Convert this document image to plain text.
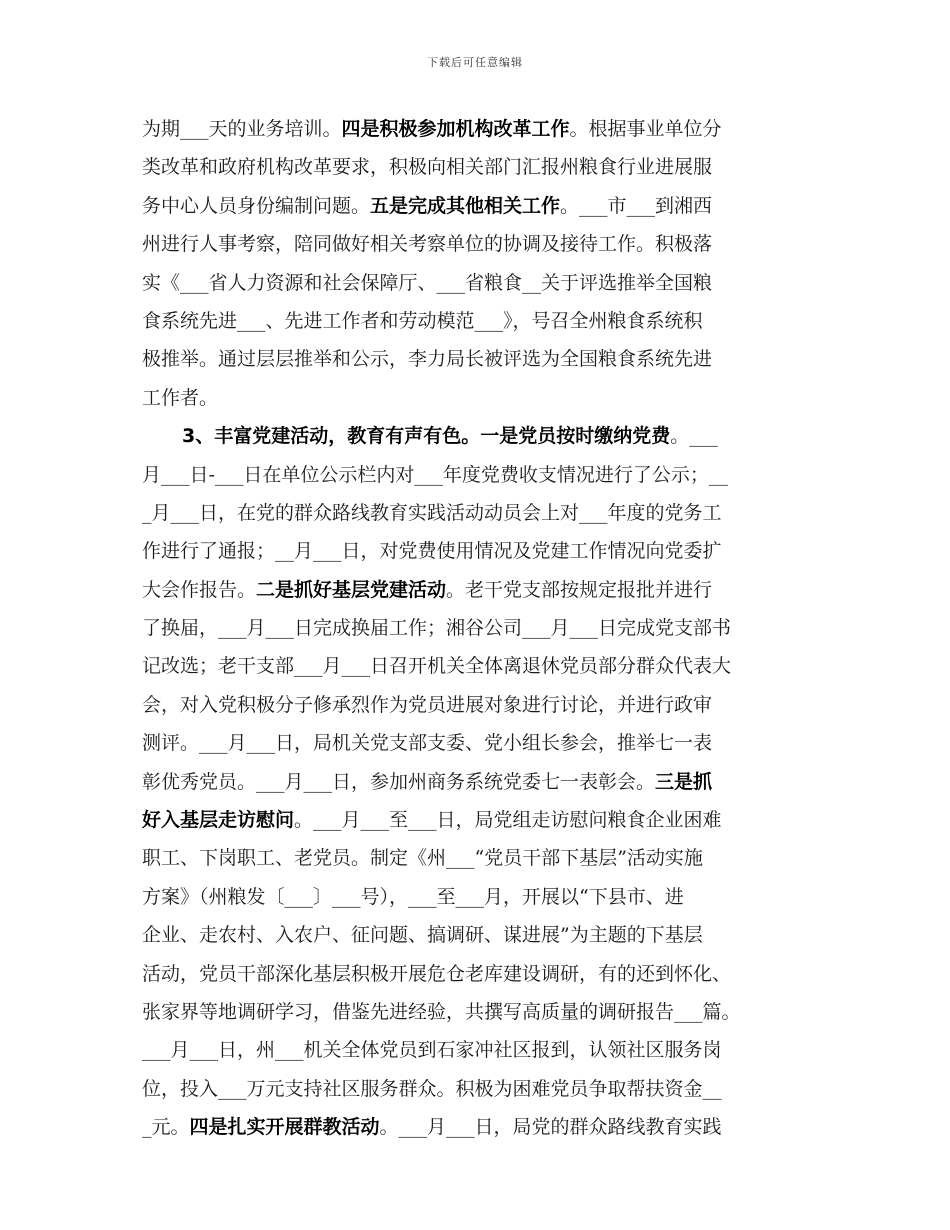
下载后可任意编辑
为期___天的业务培训。四是积极参加机构改革工作。根据事业单位分
类改革和政府机构改革要求，积极向相关部门汇报州粮食行业进展服
务中心人员身份编制问题。五是完成其他相关工作。___市___到湘西
州进行人事考察，陪同做好相关考察单位的协调及接待工作。积极落
实《___省人力资源和社会保障厅、___省粮食__关于评选推举全国粮
食系统先进___、先进工作者和劳动模范___》，号召全州粮食系统积
极推举。通过层层推举和公示，李力局长被评选为全国粮食系统先进
工作者。
3、丰富党建活动，教育有声有色。一是党员按时缴纳党费。___
月___日-___日在单位公示栏内对___年度党费收支情况进行了公示；__
_月___日，在党的群众路线教育实践活动动员会上对___年度的党务工
作进行了通报；__月___日，对党费使用情况及党建工作情况向党委扩
大会作报告。二是抓好基层党建活动。老干党支部按规定报批并进行
了换届，___月___日完成换届工作；湘谷公司___月___日完成党支部书
记改选；老干支部___月___日召开机关全体离退休党员部分群众代表大
会，对入党积极分子修承烈作为党员进展对象进行讨论，并进行政审
测评。___月___日，局机关党支部支委、党小组长参会，推举七一表
彰优秀党员。___月___日，参加州商务系统党委七一表彰会。三是抓
好入基层走访慰问。___月___至___日，局党组走访慰问粮食企业困难
职工、下岗职工、老党员。制定《州___“党员干部下基层”活动实施
方案》（州粮发〔___〕___号），___至___月，开展以“下县市、进
企业、走农村、入农户、征问题、搞调研、谋进展”为主题的下基层
活动，党员干部深化基层积极开展危仓老库建设调研，有的还到怀化、
张家界等地调研学习，借鉴先进经验，共撰写高质量的调研报告___篇。
___月___日，州___机关全体党员到石家冲社区报到，认领社区服务岗
位，投入___万元支持社区服务群众。积极为困难党员争取帮扶资金__
_元。四是扎实开展群教活动。___月___日，局党的群众路线教育实践
